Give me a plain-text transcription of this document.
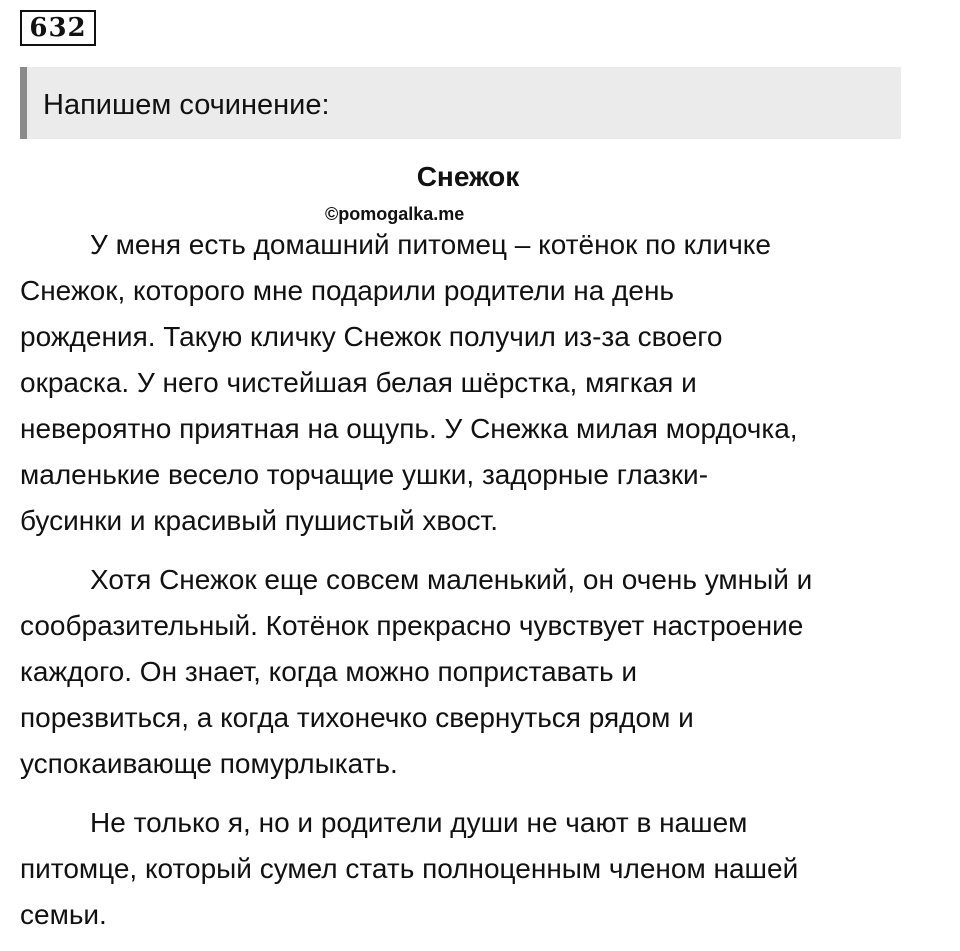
632
Напишем сочинение:
Снежок
©pomogalka.me

У меня есть домашний питомец – котёнок по кличке
Снежок, которого мне подарили родители на день
рождения. Такую кличку Снежок получил из-за своего
окраска. У него чистейшая белая шёрстка, мягкая и
невероятно приятная на ощупь. У Снежка милая мордочка,
маленькие весело торчащие ушки, задорные глазки-
бусинки и красивый пушистый хвост.

Хотя Снежок еще совсем маленький, он очень умный и
сообразительный. Котёнок прекрасно чувствует настроение
каждого. Он знает, когда можно поприставать и
порезвиться, а когда тихонечко свернуться рядом и
успокаивающе помурлыкать.

Не только я, но и родители души не чают в нашем
питомце, который сумел стать полноценным членом нашей
семьи.
